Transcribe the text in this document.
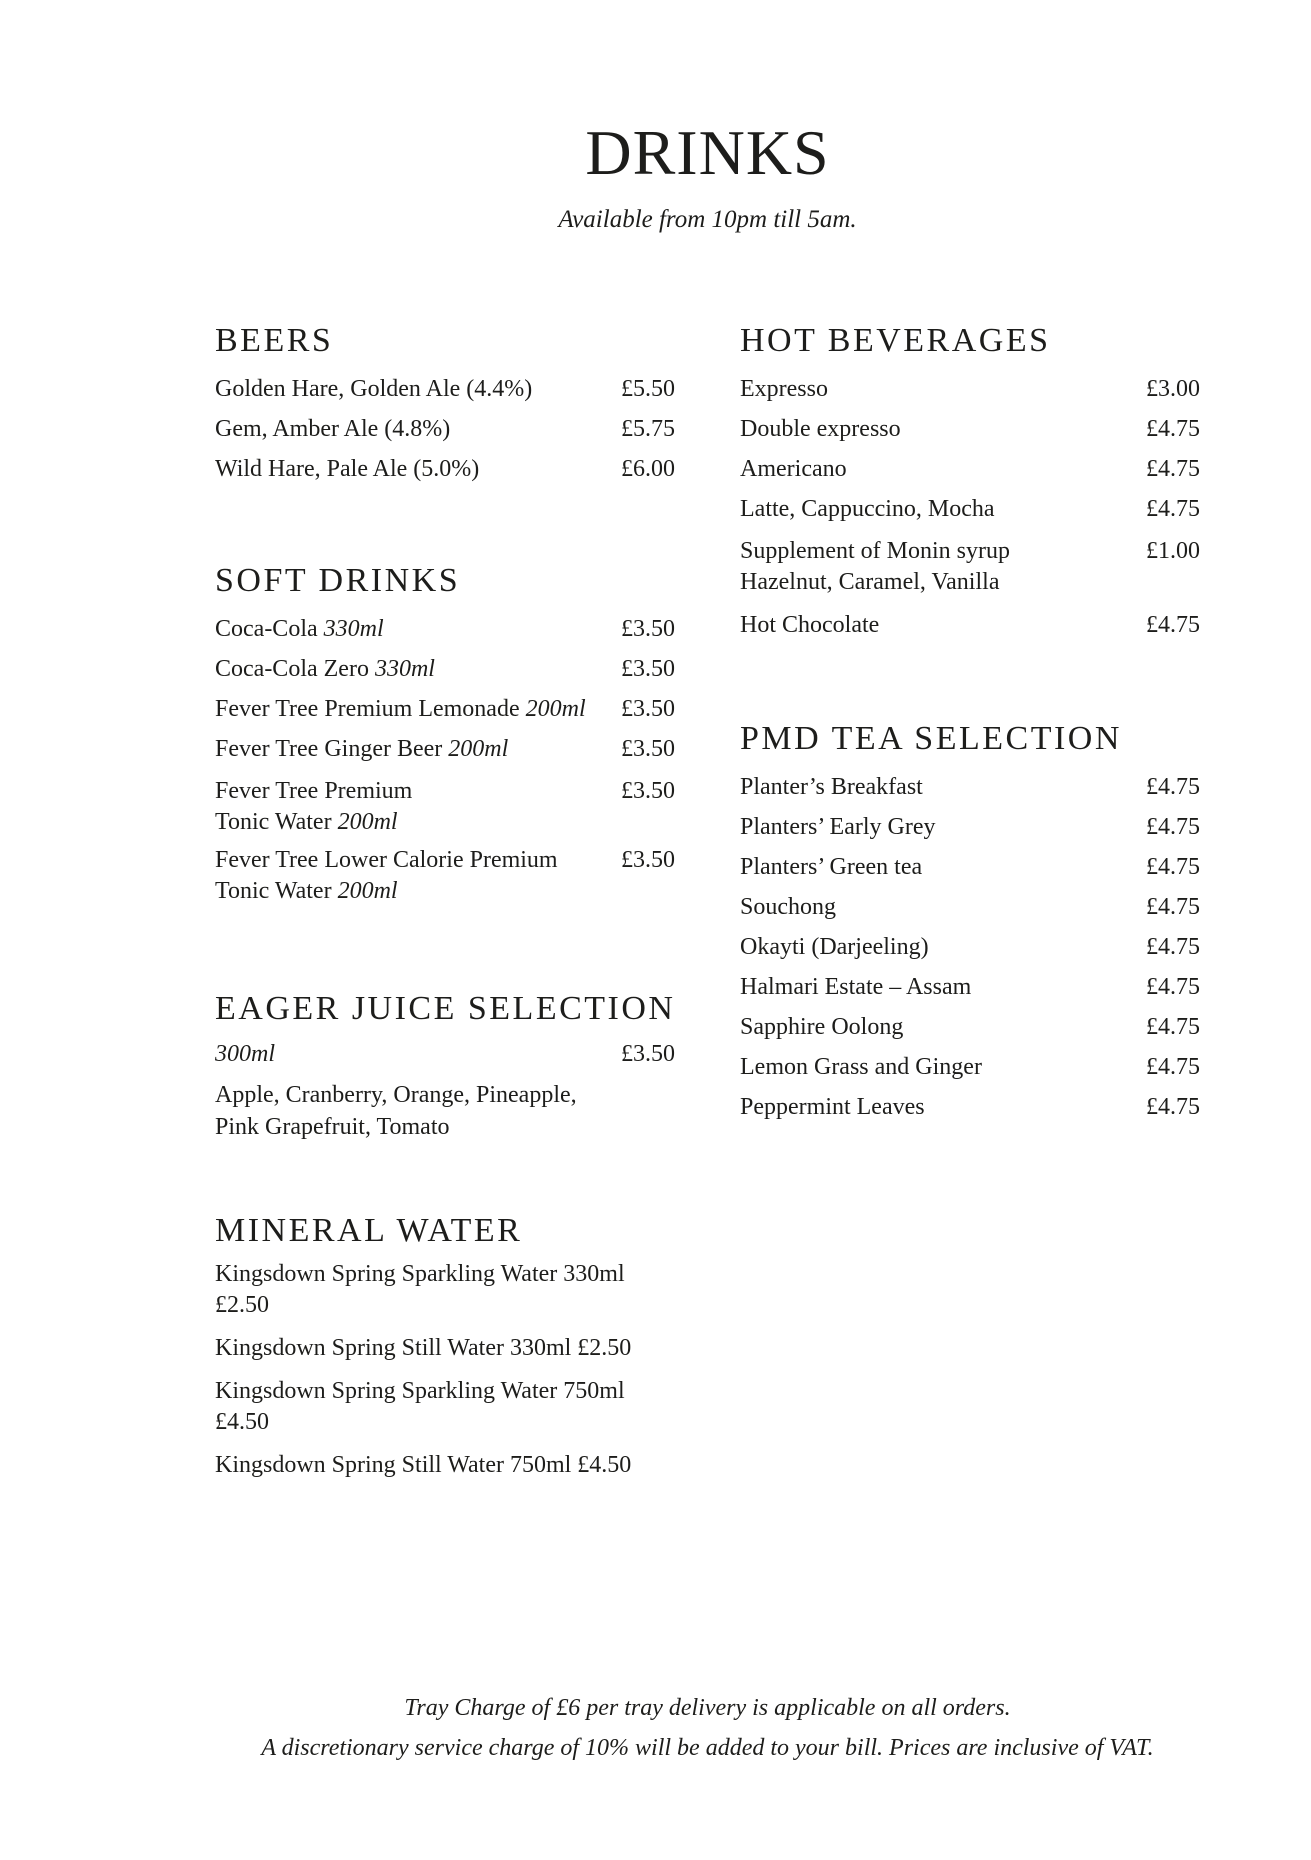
DRINKS
Available from 10pm till 5am.
BEERS
Golden Hare, Golden Ale (4.4%)	£5.50
Gem, Amber Ale (4.8%)	£5.75
Wild Hare, Pale Ale (5.0%)	£6.00
SOFT DRINKS
Coca-Cola 330ml	£3.50
Coca-Cola Zero 330ml	£3.50
Fever Tree Premium Lemonade 200ml	£3.50
Fever Tree Ginger Beer 200ml	£3.50
Fever Tree Premium	£3.50
Tonic Water 200ml
Fever Tree Lower Calorie Premium	£3.50
Tonic Water 200ml
EAGER JUICE SELECTION
300ml	£3.50
Apple, Cranberry, Orange, Pineapple,
Pink Grapefruit, Tomato
MINERAL WATER
Kingsdown Spring Sparkling Water 330ml
£2.50
Kingsdown Spring Still Water 330ml £2.50
Kingsdown Spring Sparkling Water 750ml
£4.50
Kingsdown Spring Still Water 750ml £4.50
HOT BEVERAGES
Expresso	£3.00
Double expresso	£4.75
Americano	£4.75
Latte, Cappuccino, Mocha	£4.75
Supplement of Monin syrup	£1.00
Hazelnut, Caramel, Vanilla
Hot Chocolate	£4.75
PMD TEA SELECTION
Planter’s Breakfast	£4.75
Planters’ Early Grey	£4.75
Planters’ Green tea	£4.75
Souchong	£4.75
Okayti (Darjeeling)	£4.75
Halmari Estate – Assam	£4.75
Sapphire Oolong	£4.75
Lemon Grass and Ginger	£4.75
Peppermint Leaves	£4.75
Tray Charge of £6 per tray delivery is applicable on all orders.
A discretionary service charge of 10% will be added to your bill. Prices are inclusive of VAT.
